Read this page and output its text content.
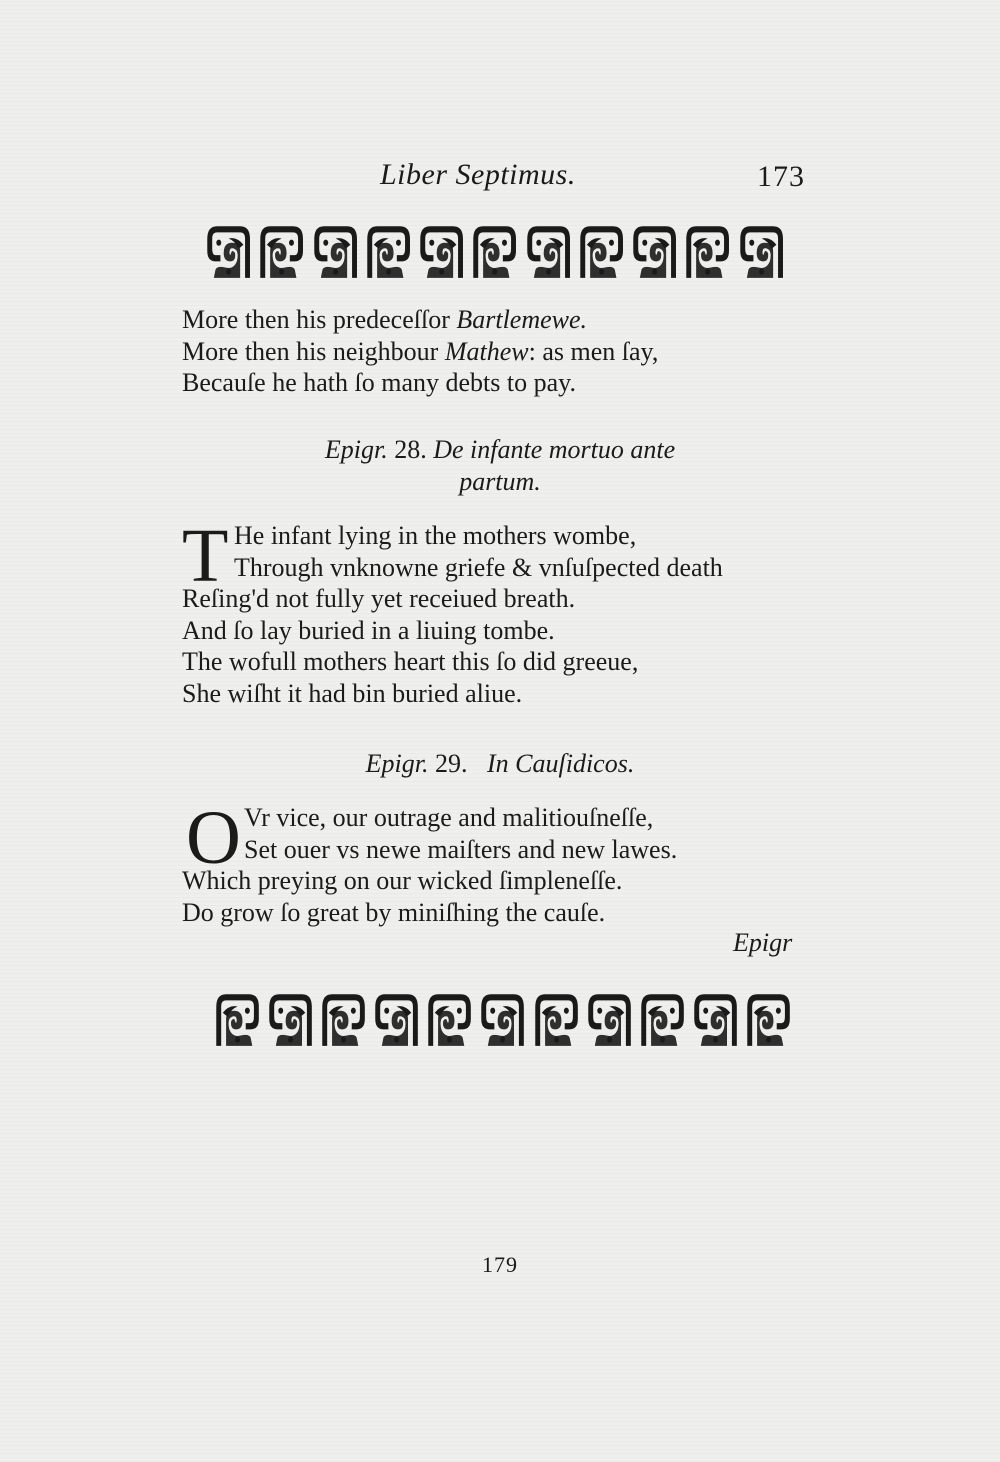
Liber Septimus.	173
More then his predeceſſor Bartlemewe.
More then his neighbour Mathew: as men ſay,
Becauſe he hath ſo many debts to pay.
Epigr. 28. De infante mortuo ante
partum.
T He infant lying in the mothers wombe,
Through vnknowne griefe & vnſuſpected death
Reſing'd not fully yet receiued breath.
And ſo lay buried in a liuing tombe.
The wofull mothers heart this ſo did greeue,
She wiſht it had bin buried aliue.
Epigr. 29. In Cauſidicos.
O Vr vice, our outrage and malitiouſneſſe,
Set ouer vs newe maiſters and new lawes.
Which preying on our wicked ſimpleneſſe.
Do grow ſo great by miniſhing the cauſe.
Epigr
179
